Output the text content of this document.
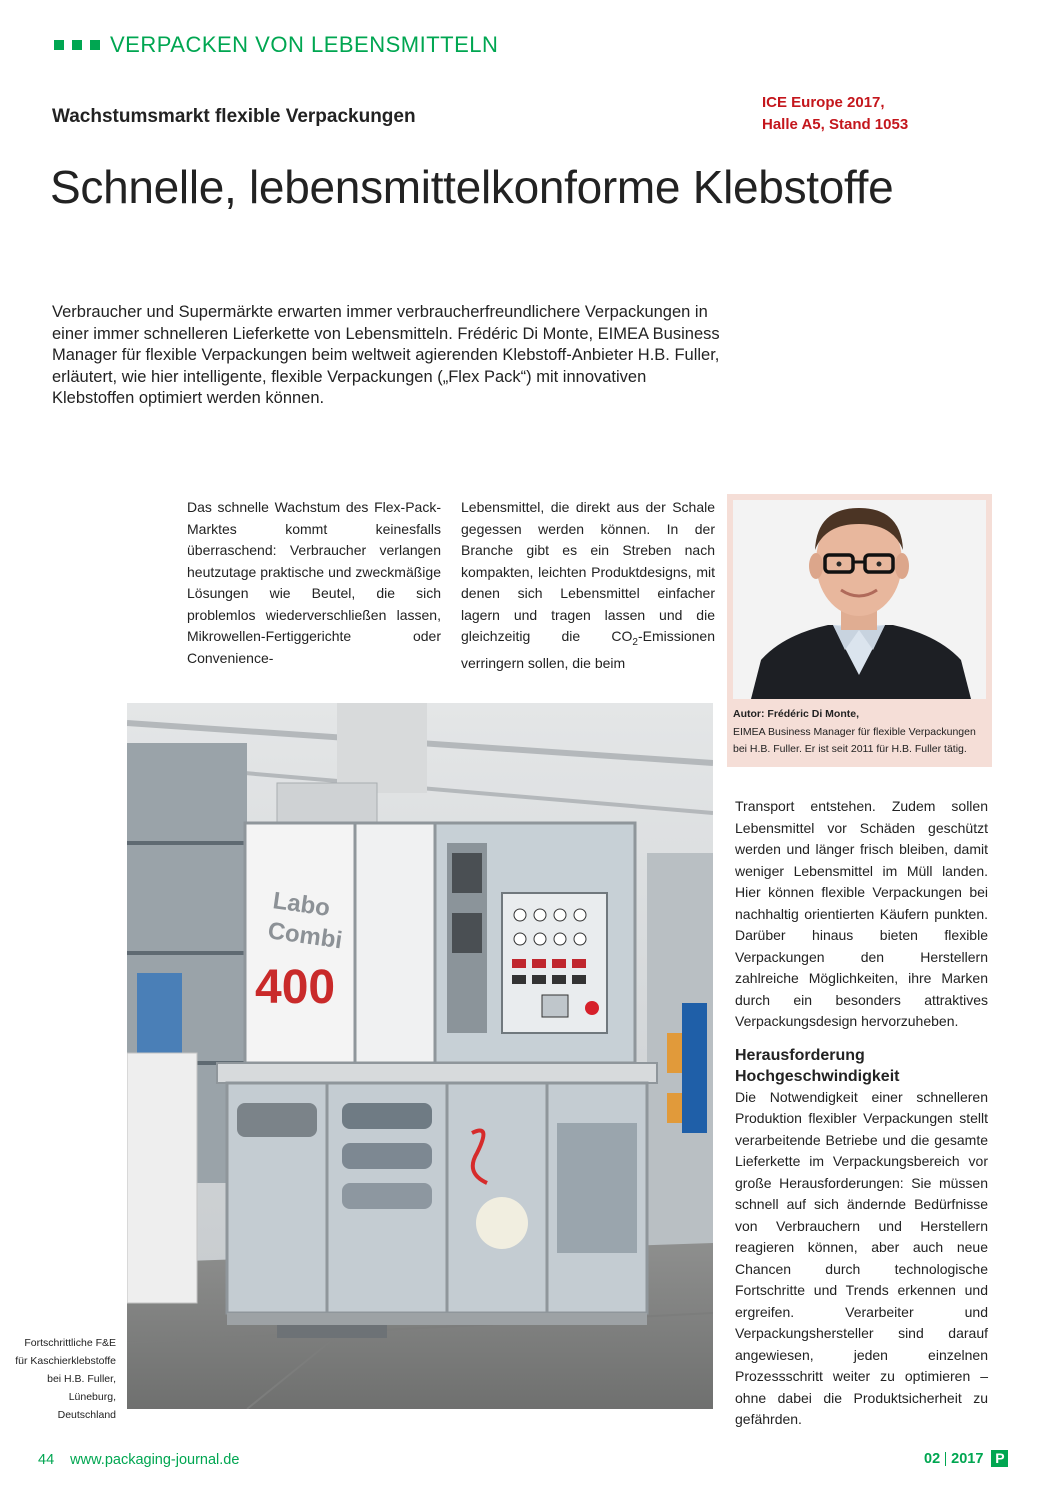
VERPACKEN VON LEBENSMITTELN
Wachstumsmarkt flexible Verpackungen
ICE Europe 2017,
Halle A5, Stand 1053
Schnelle, lebensmittelkonforme Klebstoffe

Verbraucher und Supermärkte erwarten immer verbraucherfreundlichere Verpackungen in einer immer schnelleren Lieferkette von Lebensmitteln. Frédéric Di Monte, EIMEA Business Manager für flexible Verpackungen beim weltweit agierenden Klebstoff-Anbieter H.B. Fuller, erläutert, wie hier intelligente, flexible Verpackungen („Flex Pack“) mit innovativen Klebstoffen optimiert werden können.

Das schnelle Wachstum des Flex-Pack-Marktes kommt keinesfalls überraschend: Verbraucher verlangen heutzutage praktische und zweckmäßige Lösungen wie Beutel, die sich problemlos wiederverschließen lassen, Mikrowellen-Fertiggerichte oder Convenience-
Lebensmittel, die direkt aus der Schale gegessen werden können. In der Branche gibt es ein Streben nach kompakten, leichten Produktdesigns, mit denen sich Lebensmittel einfacher lagern und tragen lassen und die gleichzeitig die $CO_2$-Emissionen verringern sollen, die beim
Autor: Frédéric Di Monte,
EIMEA Business Manager für flexible Verpackungen bei H.B. Fuller. Er ist seit 2011 für H.B. Fuller tätig.
Labo
Combi
400
Fortschrittliche F&E für Kaschierklebstoffe bei H.B. Fuller, Lüneburg, Deutschland
Transport entstehen. Zudem sollen Lebensmittel vor Schäden geschützt werden und länger frisch bleiben, damit weniger Lebensmittel im Müll landen. Hier können flexible Verpackungen bei nachhaltig orientierten Käufern punkten. Darüber hinaus bieten flexible Verpackungen den Herstellern zahlreiche Möglichkeiten, ihre Marken durch ein besonders attraktives Verpackungsdesign hervorzuheben.
Herausforderung
Hochgeschwindigkeit
Die Notwendigkeit einer schnelleren Produktion flexibler Verpackungen stellt verarbeitende Betriebe und die gesamte Lieferkette im Verpackungsbereich vor große Herausforderungen: Sie müssen schnell auf sich ändernde Bedürfnisse von Verbrauchern und Herstellern reagieren können, aber auch neue Chancen durch technologische Fortschritte und Trends erkennen und ergreifen. Verarbeiter und Verpackungshersteller sind darauf angewiesen, jeden einzelnen Prozessschritt weiter zu optimieren – ohne dabei die Produktsicherheit zu gefährden.
44 www.packaging-journal.de	02 2017 P
